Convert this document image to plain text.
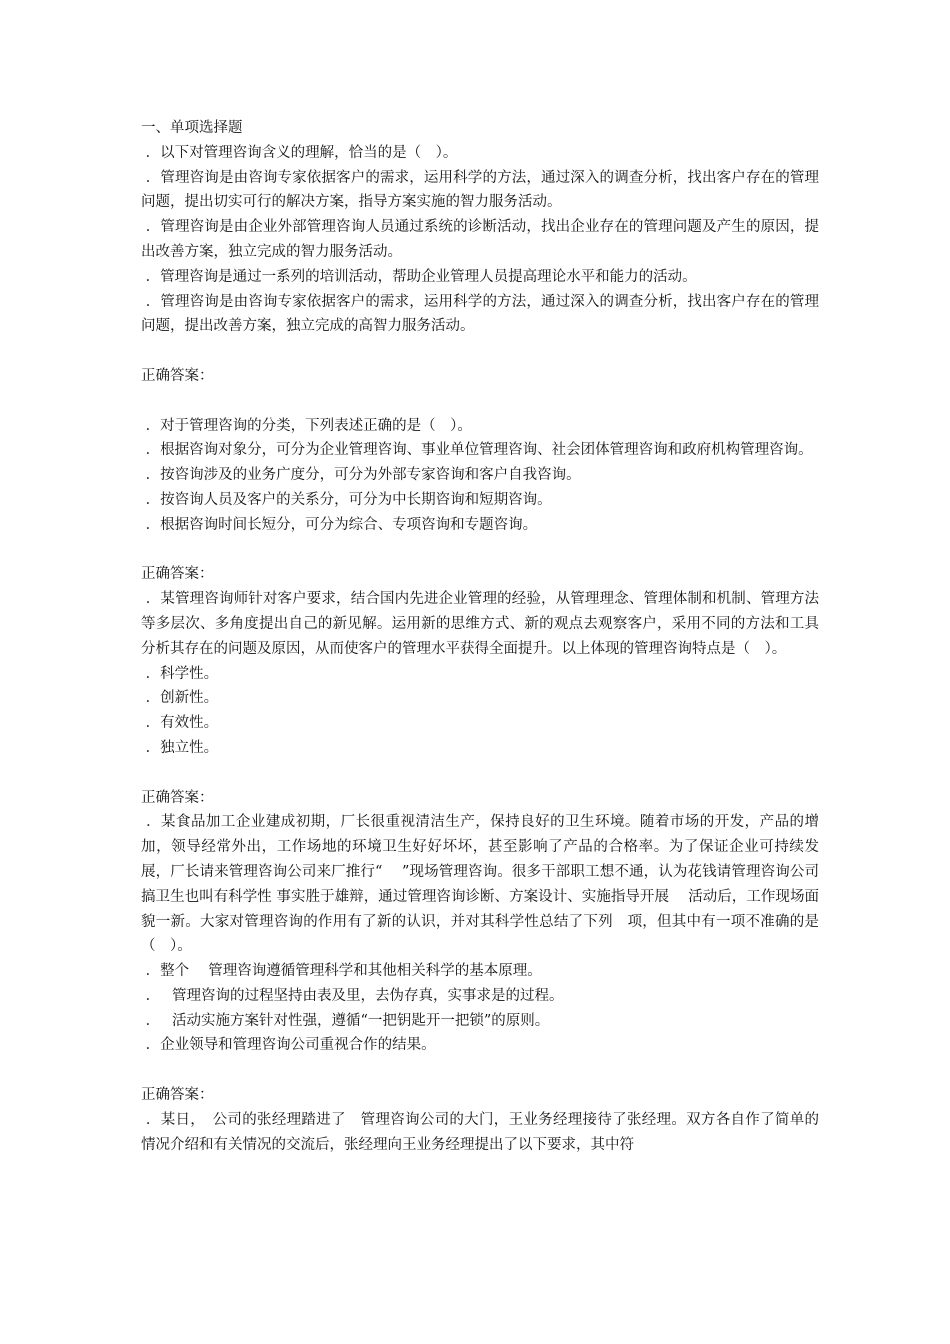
一、单项选择题
．以下对管理咨询含义的理解，恰当的是（　）。
．管理咨询是由咨询专家依据客户的需求，运用科学的方法，通过深入的调查分析，找出客户存在的管理问题，提出切实可行的解决方案，指导方案实施的智力服务活动。
．管理咨询是由企业外部管理咨询人员通过系统的诊断活动，找出企业存在的管理问题及产生的原因，提出改善方案，独立完成的智力服务活动。
．管理咨询是通过一系列的培训活动，帮助企业管理人员提高理论水平和能力的活动。
．管理咨询是由咨询专家依据客户的需求，运用科学的方法，通过深入的调查分析，找出客户存在的管理问题，提出改善方案，独立完成的高智力服务活动。
正确答案：
．对于管理咨询的分类，下列表述正确的是（　）。
．根据咨询对象分，可分为企业管理咨询、事业单位管理咨询、社会团体管理咨询和政府机构管理咨询。
．按咨询涉及的业务广度分，可分为外部专家咨询和客户自我咨询。
．按咨询人员及客户的关系分，可分为中长期咨询和短期咨询。
．根据咨询时间长短分，可分为综合、专项咨询和专题咨询。
正确答案：
．某管理咨询师针对客户要求，结合国内先进企业管理的经验，从管理理念、管理体制和机制、管理方法等多层次、多角度提出自己的新见解。运用新的思维方式、新的观点去观察客户，采用不同的方法和工具分析其存在的问题及原因，从而使客户的管理水平获得全面提升。以上体现的管理咨询特点是（　）。
．科学性。
．创新性。
．有效性。
．独立性。
正确答案：
．某食品加工企业建成初期，厂长很重视清洁生产，保持良好的卫生环境。随着市场的开发，产品的增加，领导经常外出，工作场地的环境卫生好好坏坏，甚至影响了产品的合格率。为了保证企业可持续发展，厂长请来管理咨询公司来厂推行“　 ”现场管理咨询。很多干部职工想不通，认为花钱请管理咨询公司搞卫生也叫有科学性 事实胜于雄辩，通过管理咨询诊断、方案设计、实施指导开展　 活动后，工作现场面貌一新。大家对管理咨询的作用有了新的认识，并对其科学性总结了下列　项，但其中有一项不准确的是（　）。
．整个　 管理咨询遵循管理科学和其他相关科学的基本原理。
．　 管理咨询的过程坚持由表及里，去伪存真，实事求是的过程。
．　 活动实施方案针对性强，遵循“一把钥匙开一把锁”的原则。
．企业领导和管理咨询公司重视合作的结果。
正确答案：
．某日，　公司的张经理踏进了　管理咨询公司的大门，王业务经理接待了张经理。双方各自作了简单的情况介绍和有关情况的交流后，张经理向王业务经理提出了以下要求，其中符
